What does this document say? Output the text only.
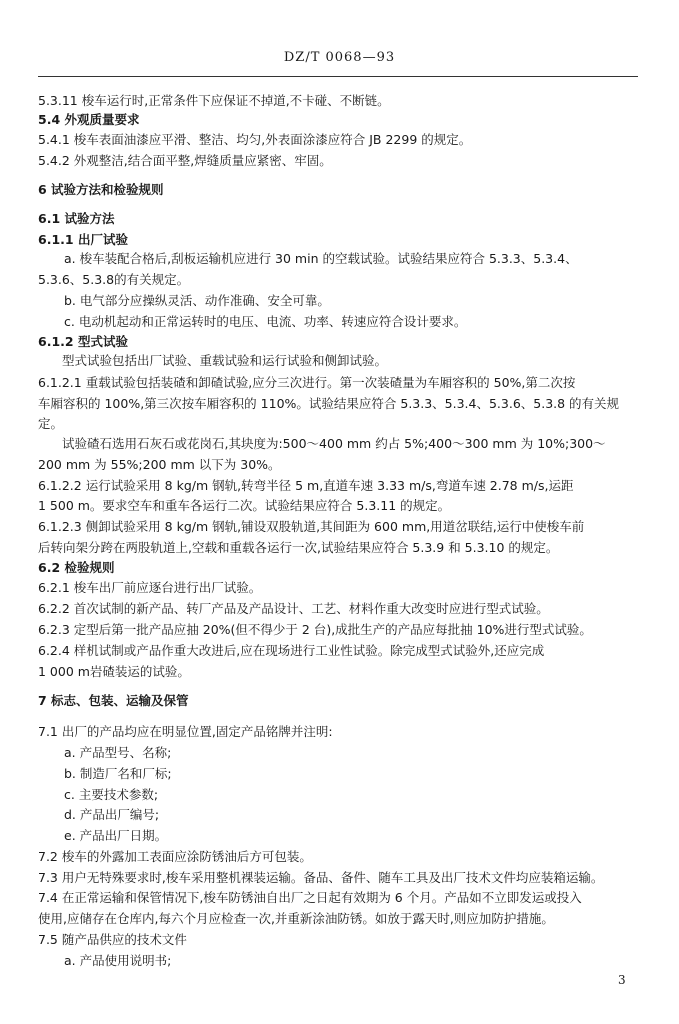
DZ/T 0068—93
5.3.11 梭车运行时,正常条件下应保证不掉道,不卡碰、不断链。
5.4 外观质量要求
5.4.1 梭车表面油漆应平滑、整洁、均匀,外表面涂漆应符合 JB 2299 的规定。
5.4.2 外观整洁,结合面平整,焊缝质量应紧密、牢固。
6 试验方法和检验规则
6.1 试验方法
6.1.1 出厂试验
a. 梭车装配合格后,刮板运输机应进行 30 min 的空载试验。试验结果应符合 5.3.3、5.3.4、
5.3.6、5.3.8的有关规定。
b. 电气部分应操纵灵活、动作准确、安全可靠。
c. 电动机起动和正常运转时的电压、电流、功率、转速应符合设计要求。
6.1.2 型式试验
型式试验包括出厂试验、重载试验和运行试验和侧卸试验。
6.1.2.1 重载试验包括装碴和卸碴试验,应分三次进行。第一次装碴量为车厢容积的 50%,第二次按
车厢容积的 100%,第三次按车厢容积的 110%。试验结果应符合 5.3.3、5.3.4、5.3.6、5.3.8 的有关规
定。
试验碴石选用石灰石或花岗石,其块度为:500～400 mm 约占 5%;400～300 mm 为 10%;300～
200 mm 为 55%;200 mm 以下为 30%。
6.1.2.2 运行试验采用 8 kg/m 钢轨,转弯半径 5 m,直道车速 3.33 m/s,弯道车速 2.78 m/s,运距
1 500 m。要求空车和重车各运行二次。试验结果应符合 5.3.11 的规定。
6.1.2.3 侧卸试验采用 8 kg/m 钢轨,铺设双股轨道,其间距为 600 mm,用道岔联结,运行中使梭车前
后转向架分跨在两股轨道上,空载和重载各运行一次,试验结果应符合 5.3.9 和 5.3.10 的规定。
6.2 检验规则
6.2.1 梭车出厂前应逐台进行出厂试验。
6.2.2 首次试制的新产品、转厂产品及产品设计、工艺、材料作重大改变时应进行型式试验。
6.2.3 定型后第一批产品应抽 20%(但不得少于 2 台),成批生产的产品应每批抽 10%进行型式试验。
6.2.4 样机试制或产品作重大改进后,应在现场进行工业性试验。除完成型式试验外,还应完成
1 000 m岩碴装运的试验。
7 标志、包装、运输及保管
7.1 出厂的产品均应在明显位置,固定产品铭牌并注明:
a. 产品型号、名称;
b. 制造厂名和厂标;
c. 主要技术参数;
d. 产品出厂编号;
e. 产品出厂日期。
7.2 梭车的外露加工表面应涂防锈油后方可包装。
7.3 用户无特殊要求时,梭车采用整机裸装运输。备品、备件、随车工具及出厂技术文件均应装箱运输。
7.4 在正常运输和保管情况下,梭车防锈油自出厂之日起有效期为 6 个月。产品如不立即发运或投入
使用,应储存在仓库内,每六个月应检查一次,并重新涂油防锈。如放于露天时,则应加防护措施。
7.5 随产品供应的技术文件
a. 产品使用说明书;
3
